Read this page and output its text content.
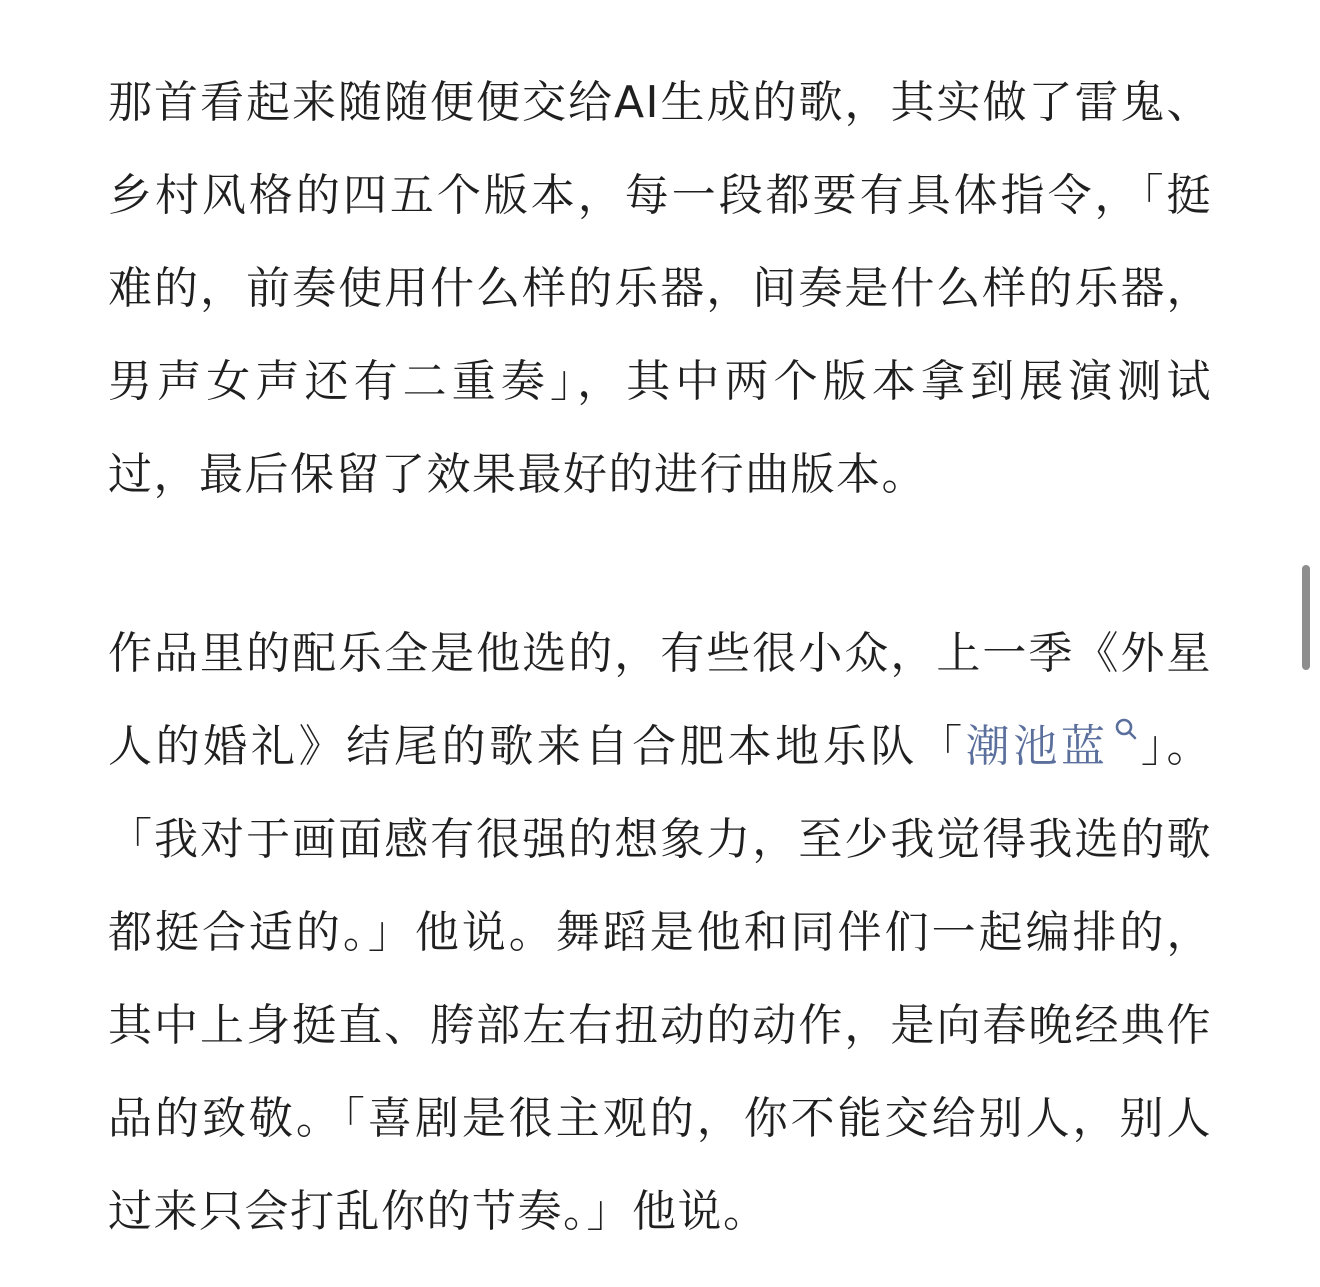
那首看起来随随便便交给AI生成的歌，其实做了雷鬼、乡村风格的四五个版本，每一段都要有具体指令，「挺难的，前奏使用什么样的乐器，间奏是什么样的乐器，男声女声还有二重奏」，其中两个版本拿到展演测试过，最后保留了效果最好的进行曲版本。

作品里的配乐全是他选的，有些很小众，上一季《外星人的婚礼》结尾的歌来自合肥本地乐队「潮池蓝 」。「我对于画面感有很强的想象力，至少我觉得我选的歌都挺合适的。」他说。舞蹈是他和同伴们一起编排的，其中上身挺直、胯部左右扭动的动作，是向春晚经典作品的致敬。「喜剧是很主观的，你不能交给别人，别人过来只会打乱你的节奏。」他说。
